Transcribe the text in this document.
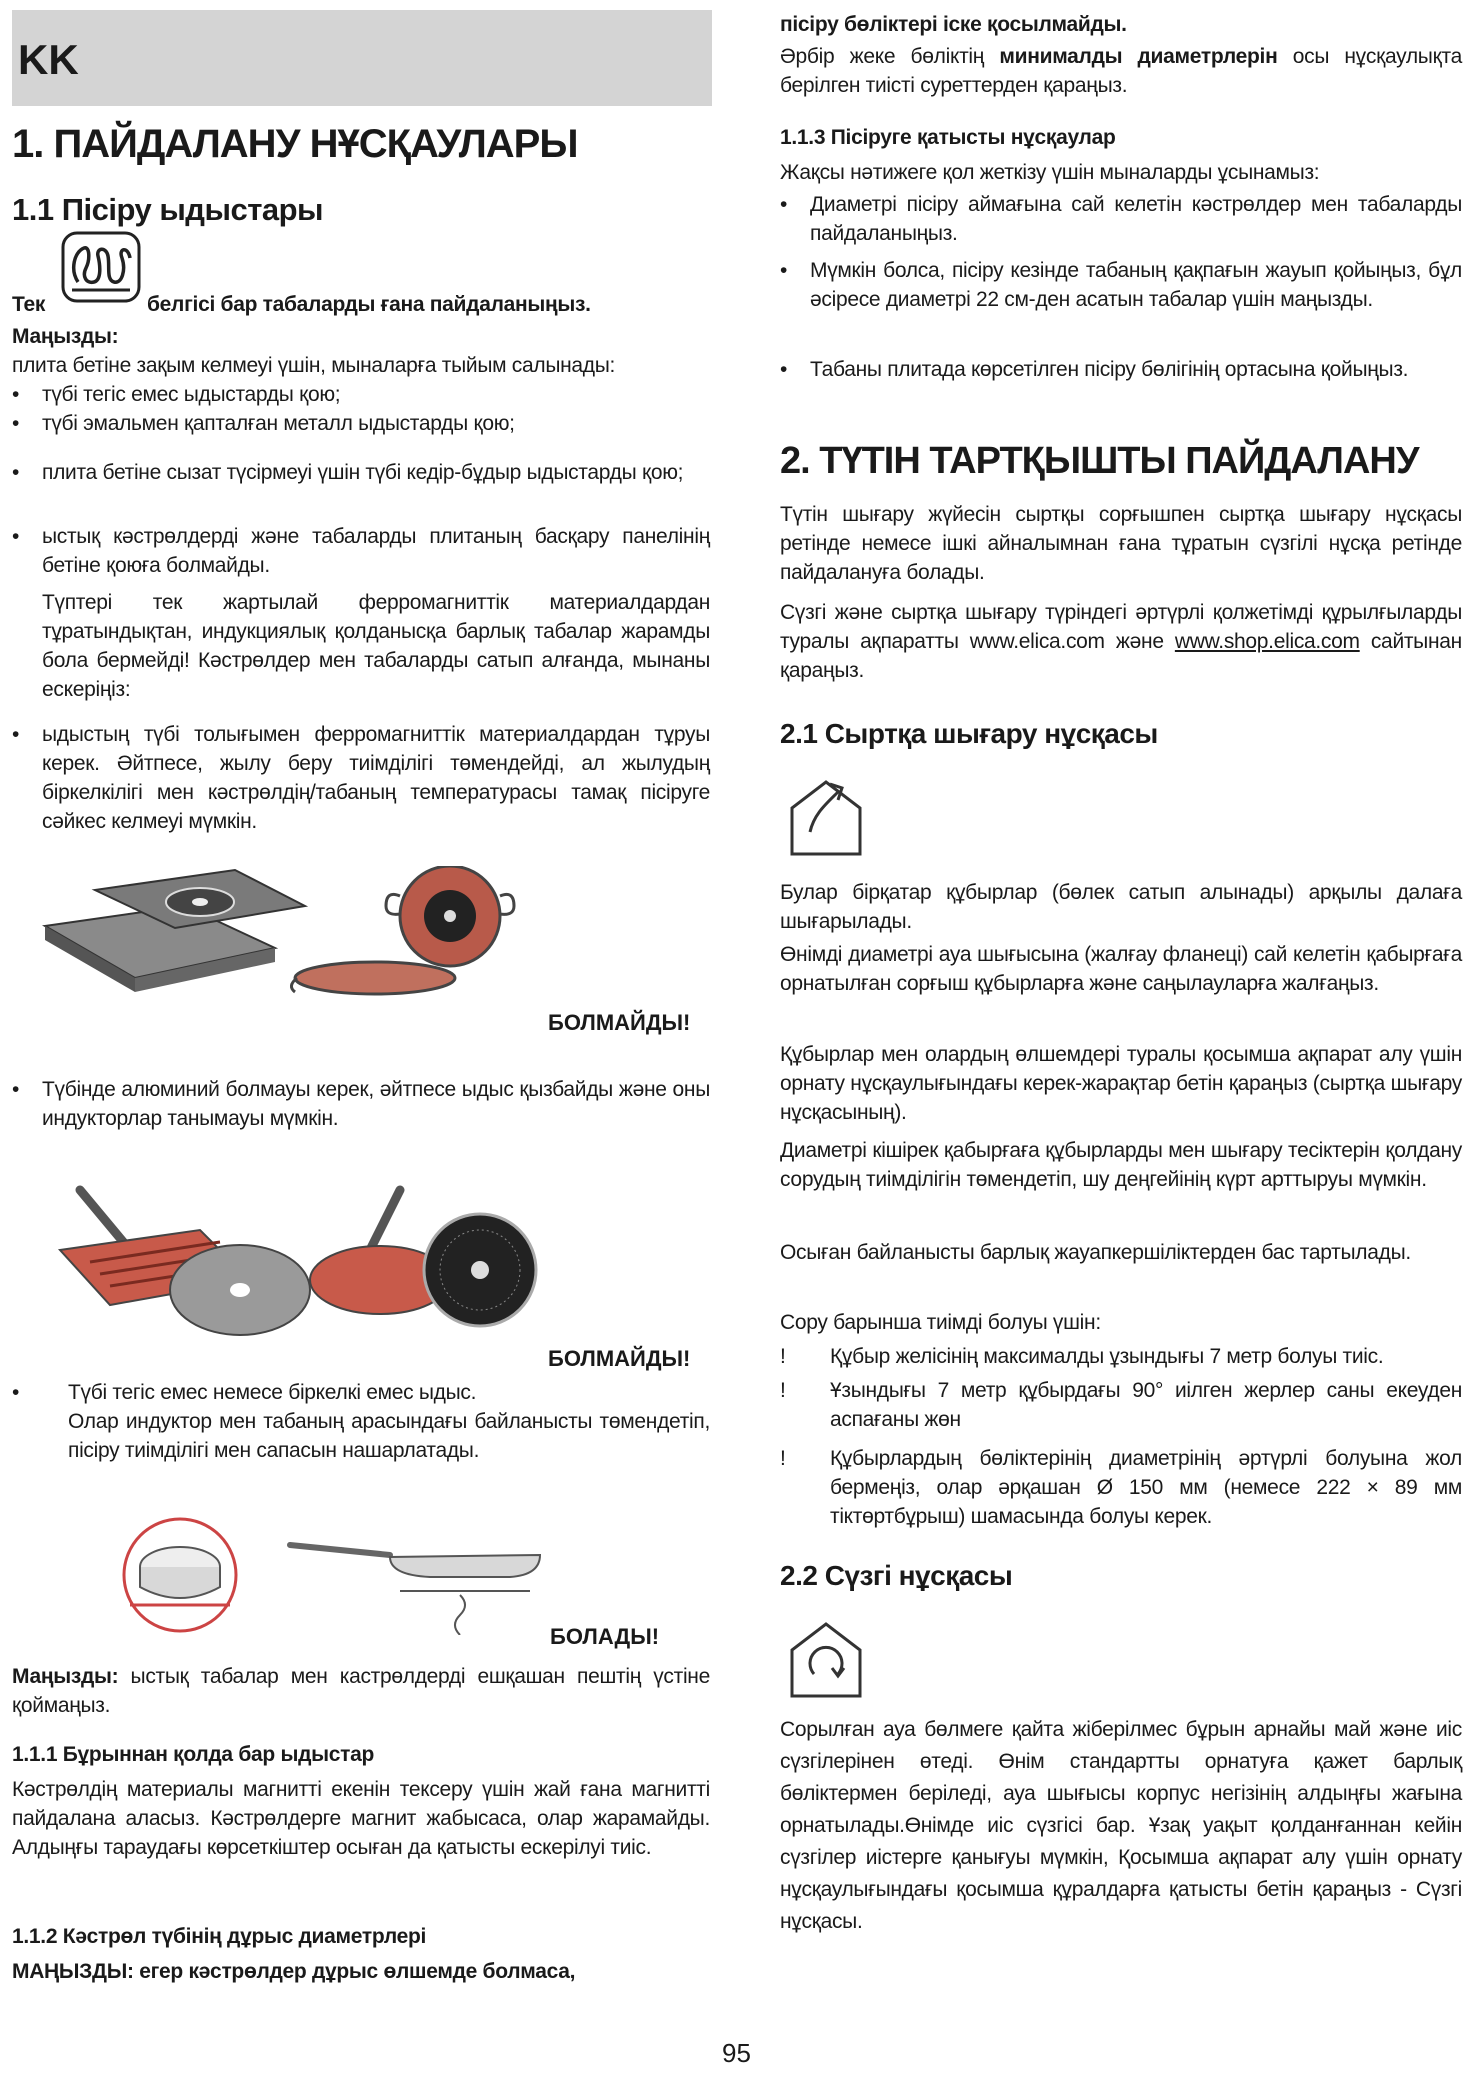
KK
1. ПАЙДАЛАНУ НҰСҚАУЛАРЫ
1.1 Пісіру ыдыстары
Тек	белгісі бар табаларды ғана пайдаланыңыз.
Маңызды:

плита бетіне зақым келмеуі үшін, мыналарға тыйым салынады:

• түбі тегіс емес ыдыстарды қою;

• түбі эмальмен қапталған металл ыдыстарды қою;

• плита бетіне сызат түсірмеуі үшін түбі кедір-бұдыр ыдыстарды қою;

• ыстық кәстрөлдерді және табаларды плитаның басқару панелінің бетіне қоюға болмайды.

Түптері тек жартылай ферромагниттік материалдардан тұратындықтан, индукциялық қолданысқа барлық табалар жарамды бола бермейді! Кәстрөлдер мен табаларды сатып алғанда, мынаны ескеріңіз:

• ыдыстың түбі толығымен ферромагниттік материалдардан тұруы керек. Әйтпесе, жылу беру тиімділігі төмендейді, ал жылудың біркелкілігі мен кәстрөлдің/табаның температурасы тамақ пісіруге сәйкес келмеуі мүмкін.

БОЛМАЙДЫ!
• Түбінде алюминий болмауы керек, әйтпесе ыдыс қызбайды және оны индукторлар танымауы мүмкін.

БОЛМАЙДЫ!
• Түбі тегіс емес немесе біркелкі емес ыдыс.

Олар индуктор мен табаның арасындағы байланысты төмендетіп, пісіру тиімділігі мен сапасын нашарлатады.

БОЛАДЫ!

Маңызды: ыстық табалар мен кастрөлдерді ешқашан пештің үстіне қоймаңыз.

1.1.1 Бұрыннан қолда бар ыдыстар

Кәстрөлдің материалы магнитті екенін тексеру үшін жай ғана магнитті пайдалана аласыз. Кәстрөлдерге магнит жабысаса, олар жарамайды. Алдыңғы тараудағы көрсеткіштер осыған да қатысты ескерілуі тиіс.

1.1.2 Кәстрөл түбінің дұрыс диаметрлері

МАҢЫЗДЫ: егер кәстрөлдер дұрыс өлшемде болмаса,

пісіру бөліктері іске қосылмайды.

Әрбір жеке бөліктің минималды диаметрлерін осы нұсқаулықта берілген тиісті суреттерден қараңыз.

1.1.3 Пісіруге қатысты нұсқаулар

Жақсы нәтижеге қол жеткізу үшін мыналарды ұсынамыз:

• Диаметрі пісіру аймағына сай келетін кәстрөлдер мен табаларды пайдаланыңыз.

• Мүмкін болса, пісіру кезінде табаның қақпағын жауып қойыңыз, бұл әсіресе диаметрі 22 см-ден асатын табалар үшін маңызды.

• Табаны плитада көрсетілген пісіру бөлігінің ортасына қойыңыз.

2. ТҮТІН ТАРТҚЫШТЫ ПАЙДАЛАНУ

Түтін шығару жүйесін сыртқы сорғышпен сыртқа шығару нұсқасы ретінде немесе ішкі айналымнан ғана тұратын сүзгілі нұсқа ретінде пайдалануға болады.

Сүзгі және сыртқа шығару түріндегі әртүрлі қолжетімді құрылғыларды туралы ақпаратты www.elica.com және www.shop.elica.com сайтынан қараңыз.

2.1 Сыртқа шығару нұсқасы

Булар бірқатар құбырлар (бөлек сатып алынады) арқылы далаға шығарылады.

Өнімді диаметрі ауа шығысына (жалғау фланеці) сай келетін қабырғаға орнатылған сорғыш құбырларға және саңылауларға жалғаңыз.

Құбырлар мен олардың өлшемдері туралы қосымша ақпарат алу үшін орнату нұсқаулығындағы керек-жарақтар бетін қараңыз (сыртқа шығару нұсқасының).

Диаметрі кішірек қабырғаға құбырларды мен шығару тесіктерін қолдану сорудың тиімділігін төмендетіп, шу деңгейінің күрт арттыруы мүмкін.

Осыған байланысты барлық жауапкершіліктерден бас тартылады.

Сору барынша тиімді болуы үшін:

! Құбыр желісінің максималды ұзындығы 7 метр болуы тиіс.

! Ұзындығы 7 метр құбырдағы 90° иілген жерлер саны екеуден аспағаны жөн

! Құбырлардың бөліктерінің диаметрінің әртүрлі болуына жол бермеңіз, олар әрқашан Ø 150 мм (немесе 222 × 89 мм тіктөртбұрыш) шамасында болуы керек.

2.2 Сүзгі нұсқасы

Сорылған ауа бөлмеге қайта жіберілмес бұрын арнайы май және иіс сүзгілерінен өтеді. Өнім стандартты орнатуға қажет барлық бөліктермен беріледі, ауа шығысы корпус негізінің алдыңғы жағына орнатылады.Өнімде иіс сүзгісі бар. Ұзақ уақыт қолданғаннан кейін сүзгілер иістерге қанығуы мүмкін, Қосымша ақпарат алу үшін орнату нұсқаулығындағы қосымша құралдарға қатысты бетін қараңыз - Сүзгі нұсқасы.

95
